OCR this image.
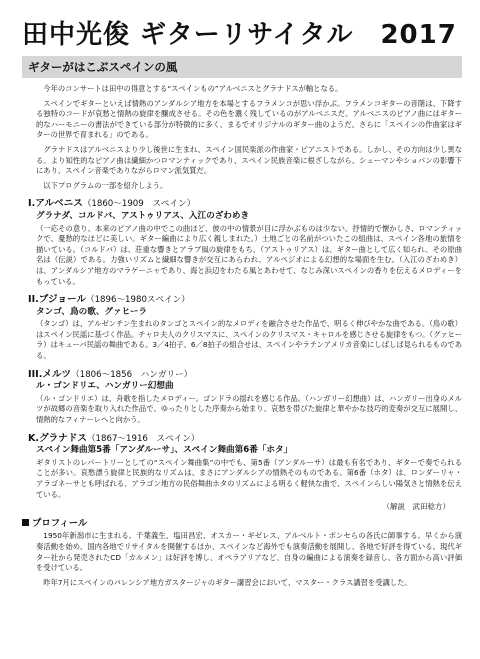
田中光俊 ギターリサイタル　2017
ギターがはこぶスペインの風

今年のコンサートは田中の得意とする“スペインもの”アルベニスとグラナドスが軸となる。

スペインでギターといえば情熱のアンダルシア地方を本場とするフラメンコが思い浮かぶ。フラメンコギターの音階は、下降する独特のコードが哀愁と情熱の旋律を醸成させる。その色を濃く残しているのがアルベニスだ。アルベニスのピアノ曲にはギター的なハーモニーの書法ができている部分が特徴的に多く、まるでオリジナルのギター曲のようだ。さらに「スペインの作曲家はギターの世界で育まれる」のである。

グラナドスはアルベニスより少し後世に生まれ、スペイン国民楽派の作曲家・ピアニストである。しかし、その方向は少し異なる。より知性的なピアノ曲は繊細かつロマンティックであり、スペイン民族音楽に根ざしながら、シューマンやショパンの影響下にあり、スペイン音楽でありながらロマン派気質だ。

以下プログラムの一部を紹介しよう。

I.アルベニス（1860～1909　スペイン）
グラナダ、コルドバ、アストゥリアス、入江のざわめき

（一応その意り、本来のピアノ曲の中でこの曲ほど、彼の中の情景が目に浮かぶものは少ない。抒情的で懐かしさ、ロマンティックで、憂愁的なほどに美しい。ギター編曲により広く親しまれた。）土地ごとの名前がついたこの組曲は、スペイン各地の旅情を描いている。（コルドバ）は、荘重な響きとアラブ風の旋律をもち、（アストゥリアス）は、ギター曲として広く知られ、その原曲名は（伝説）である。力強いリズムと繊細な響きが交互にあらわれ、アルペジオによる幻想的な場面を生む。（入江のざわめき）は、アンダルシア地方のマラゲーニャであり、海と浜辺をわたる風とあわせて、なじみ深いスペインの香りを伝えるメロディーをもっている。

II.ブジョール（1896～1980スペイン）
タンゴ、鳥の歌、グァヒーラ

（タンゴ）は、アルゼンチン生まれのタンゴとスペイン的なメロディを融合させた作品で、明るく伸びやかな曲である。（鳥の歌）はスペイン民謡に基づく作品。チャロ夫人のクリスマスに、スペインのクリスマス・キャロルを感じさせる旋律をもつ。（グァヒーラ）はキューバ民謡の舞曲である。3／4拍子、6／8拍子の組合せは、スペインやラテンアメリカ音楽にしばしば見られるものである。

III.メルツ（1806～1856　ハンガリー）
ル・ゴンドリエ、ハンガリー幻想曲

（ル・ゴンドリエ）は、舟歌を指したメロディー。ゴンドラの揺れを感じる作品。（ハンガリー幻想曲）は、ハンガリー出身のメルツが故郷の音楽を取り入れた作品で、ゆったりとした序奏から始まり、哀愁を帯びた旋律と華やかな技巧的変奏が交互に展開し、情熱的なフィナーレへと向かう。

K.グラナドス（1867～1916　スペイン）
スペイン舞曲第5番「アンダルーサ」、スペイン舞曲第6番「ホタ」

ギタリストのレパートリーとしての“スペイン舞曲集”の中でも、第5番（アンダルーサ）は最も有名であり、ギターで奏でられることが多い。哀愁漂う旋律と民族的なリズムは、まさにアンダルシアの情熱そのものである。第6番（ホタ）は、ロンダーリャ・アラゴネーサとも呼ばれる、アラゴン地方の民俗舞曲ホタのリズムによる明るく軽快な曲で、スペインらしい陽気さと情熱を伝えている。

（解説　武田稔方）
プロフィール

1950年新潟市に生まれる。千葉義生、塩田昌宏、オスカー・ギゼレス、アルベルト・ポンセらの各氏に師事する。早くから演奏活動を始め、国内各地でリサイタルを開催するほか、スペインなど海外でも演奏活動を展開し、各地で好評を得ている。現代ギター社から発売されたCD「カルメン」は好評を博し、オペラアリアなど、自身の編曲による演奏を録音し、各方面から高い評価を受けている。

昨年7月にスペインのバレンシア地方ガスタージャのギター講習会において、マスター・クラス講習を受講した。
